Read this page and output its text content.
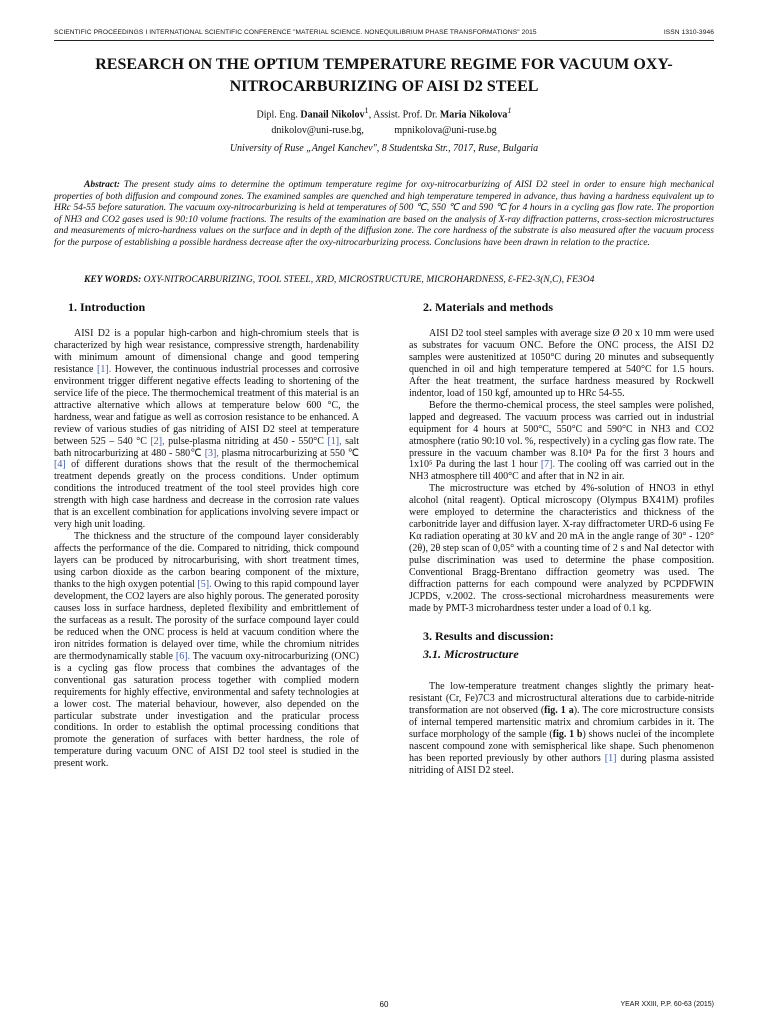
SCIENTIFIC PROCEEDINGS I INTERNATIONAL SCIENTIFIC CONFERENCE "MATERIAL SCIENCE. NONEQUILIBRIUM PHASE TRANSFORMATIONS" 2015	ISSN 1310-3946
RESEARCH ON THE OPTIUM TEMPERATURE REGIME FOR VACUUM OXY-
NITROCARBURIZING OF AISI D2 STEEL
Dipl. Eng. Danail Nikolov$^1$, Assist. Prof. Dr. Maria Nikolova$^1$
dnikolov@uni-ruse.bg,	mpnikolova@uni-ruse.bg
University of Ruse „Angel Kanchev", 8 Studentska Str., 7017, Ruse, Bulgaria
Abstract: The present study aims to determine the optimum temperature regime for oxy-nitrocarburizing of AISI D2 steel in order to ensure high mechanical properties of both diffusion and compound zones. The examined samples are quenched and high temperature tempered in advance, thus having a hardness equivalent up to HRc 54-55 before saturation. The vacuum oxy-nitrocarburizing is held at temperatures of 500 ℃, 550 ℃ and 590 ℃ for 4 hours in a cycling gas flow rate. The proportion of NH3 and CO2 gases used is 90:10 volume fractions. The results of the examination are based on the analysis of X-ray diffraction patterns, cross-section microstructures and measurements of micro-hardness values on the surface and in depth of the diffusion zone. The core hardness of the substrate is also measured after the vacuum process for the purpose of establishing a possible hardness decrease after the oxy-nitrocarburizing process. Conclusions have been drawn in relation to the practice.
KEY WORDS: OXY-NITROCARBURIZING, TOOL STEEL, XRD, MICROSTRUCTURE, MICROHARDNESS, Ɛ-FE2-3(N,C), FE3O4
1. Introduction

AISI D2 is a popular high-carbon and high-chromium steels that is characterized by high wear resistance, compressive strength, hardenability with minimum amount of dimensional change and good tempering resistance [1]. However, the continuous industrial processes and corrosive environment trigger different negative effects leading to shortening of the service life of the piece. The thermochemical treatment of this material is an attractive alternative which allows at temperature below 600 °C, the hardness, wear and fatigue as well as corrosion resistance to be enhanced. A review of various studies of gas nitriding of AISI D2 steel at temperature between 525 – 540 °C [2], pulse-plasma nitriding at 450 - 550°C [1], salt bath nitrocarburizing at 480 - 580℃ [3], plasma nitrocarburizing at 550 ℃ [4] of different durations shows that the result of the thermochemical treatment depends greatly on the process conditions. Under optimum conditions the introduced treatment of the tool steel provides high core strength with high case hardness and decrease in the corrosion rate values that is an excellent combination for applications involving severe impact or very high unit loading.

The thickness and the structure of the compound layer considerably affects the performance of the die. Compared to nitriding, thick compound layers can be produced by nitrocarburising, with short treatment times, using carbon dioxide as the carbon bearing component of the mixture, thanks to the high oxygen potential [5]. Owing to this rapid compound layer development, the CO2 layers are also highly porous. The generated porosity causes loss in surface hardness, depleted flexibility and embrittlement of the surfaceas as a result. The porosity of the surface compound layer could be reduced when the ONC process is held at vacuum condition where the iron nitrides formation is delayed over time, while the chromium nitrides are thermodynamically stable [6]. The vacuum oxy-nitrocarburizing (ONC) is a cycling gas flow process that combines the advantages of the conventional gas saturation process together with complied modern requirements for highly effective, environmental and safety technologies at a lower cost. The material behaviour, however, also depended on the particular substrate under investigation and the praticular process conditions. In order to establish the optimal processing conditions that promote the generation of surfaces with better hardness, the role of temperature during vacuum ONC of AISI D2 tool steel is studied in the present work.

2. Materials and methods

AISI D2 tool steel samples with average size Ø 20 x 10 mm were used as substrates for vacuum ONC. Before the ONC process, the AISI D2 samples were austenitized at 1050°C during 20 minutes and subsequently quenched in oil and high temperature tempered at 540°C for 1.5 hours. After the heat treatment, the surface hardness measured by Rockwell indentor, load of 150 kgf, amounted up to HRc 54-55.

Before the thermo-chemical process, the steel samples were polished, lapped and degreased. The vacuum process was carried out in industrial equipment for 4 hours at 500°C, 550°C and 590°C in NH3 and CO2 atmosphere (ratio 90:10 vol. %, respectively) in a cycling gas flow rate. The pressure in the vacuum chamber was 8.10⁴ Pa for the first 3 hours and 1x10⁵ Pa during the last 1 hour [7]. The cooling off was carried out in the NH3 atmosphere till 400°C and after that in N2 in air.

The microstructure was etched by 4%-solution of HNO3 in ethyl alcohol (nital reagent). Optical microscopy (Olympus BX41M) profiles were employed to determine the characteristics and thickness of the carbonitride layer and diffusion layer. X-ray diffractometer URD-6 using Fe Kα radiation operating at 30 kV and 20 mA in the angle range of 30° - 120° (2θ), 2θ step scan of 0,05° with a counting time of 2 s and NaI detector with pulse discrimination was used to determine the phase composition. Conventional Bragg-Brentano diffraction geometry was used. The diffraction patterns for each compound were analyzed by PCPDFWIN JCPDS, v.2002. The cross-sectional microhardness measurements were made by PMT-3 microhardness tester under a load of 0.1 kg.

3. Results and discussion:
3.1. Microstructure

The low-temperature treatment changes slightly the primary heat-resistant (Cr, Fe)7C3 and microstructural alterations due to carbide-nitride transformation are not observed (fig. 1 a). The core microstructure consists of internal tempered martensitic matrix and chromium carbides in it. The surface morphology of the sample (fig. 1 b) shows nuclei of the incomplete nascent compound zone with semispherical like shape. Such phenomenon has been reported previously by other authors [1] during plasma assisted nitriding of AISI D2 steel.

60	YEAR XXIII, P.P. 60-63 (2015)
